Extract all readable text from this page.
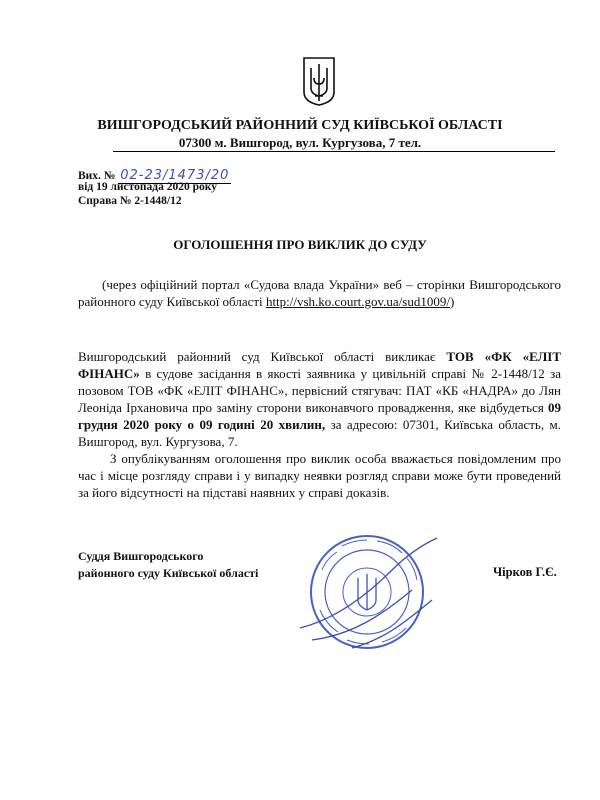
ВИШГОРОДСЬКИЙ РАЙОННИЙ СУД КИЇВСЬКОЇ ОБЛАСТІ
07300 м. Вишгород, вул. Кургузова, 7 тел.
Вих. № 02-23/1473/20
від 19 листопада 2020 року
Справа № 2-1448/12
ОГОЛОШЕННЯ ПРО ВИКЛИК ДО СУДУ
(через офіційний портал «Судова влада України» веб – сторінки Вишгородського районного суду Київської області http://vsh.ko.court.gov.ua/sud1009/)
Вишгородський районний суд Київської області викликає ТОВ «ФК «ЕЛІТ ФІНАНС» в судове засідання в якості заявника у цивільній справі № 2-1448/12 за позовом ТОВ «ФК «ЕЛІТ ФІНАНС», первісний стягувач: ПАТ «КБ «НАДРА» до Лян Леоніда Ірхановича про заміну сторони виконавчого провадження, яке відбудеться 09 грудня 2020 року о 09 годині 20 хвилин, за адресою: 07301, Київська область, м. Вишгород, вул. Кургузова, 7.
З опублікуванням оголошення про виклик особа вважається повідомленим про час і місце розгляду справи і у випадку неявки розгляд справи може бути проведений за його відсутності на підставі наявних у справі доказів.
Суддя Вишгородського
районного суду Київської області	Чірков Г.Є.
